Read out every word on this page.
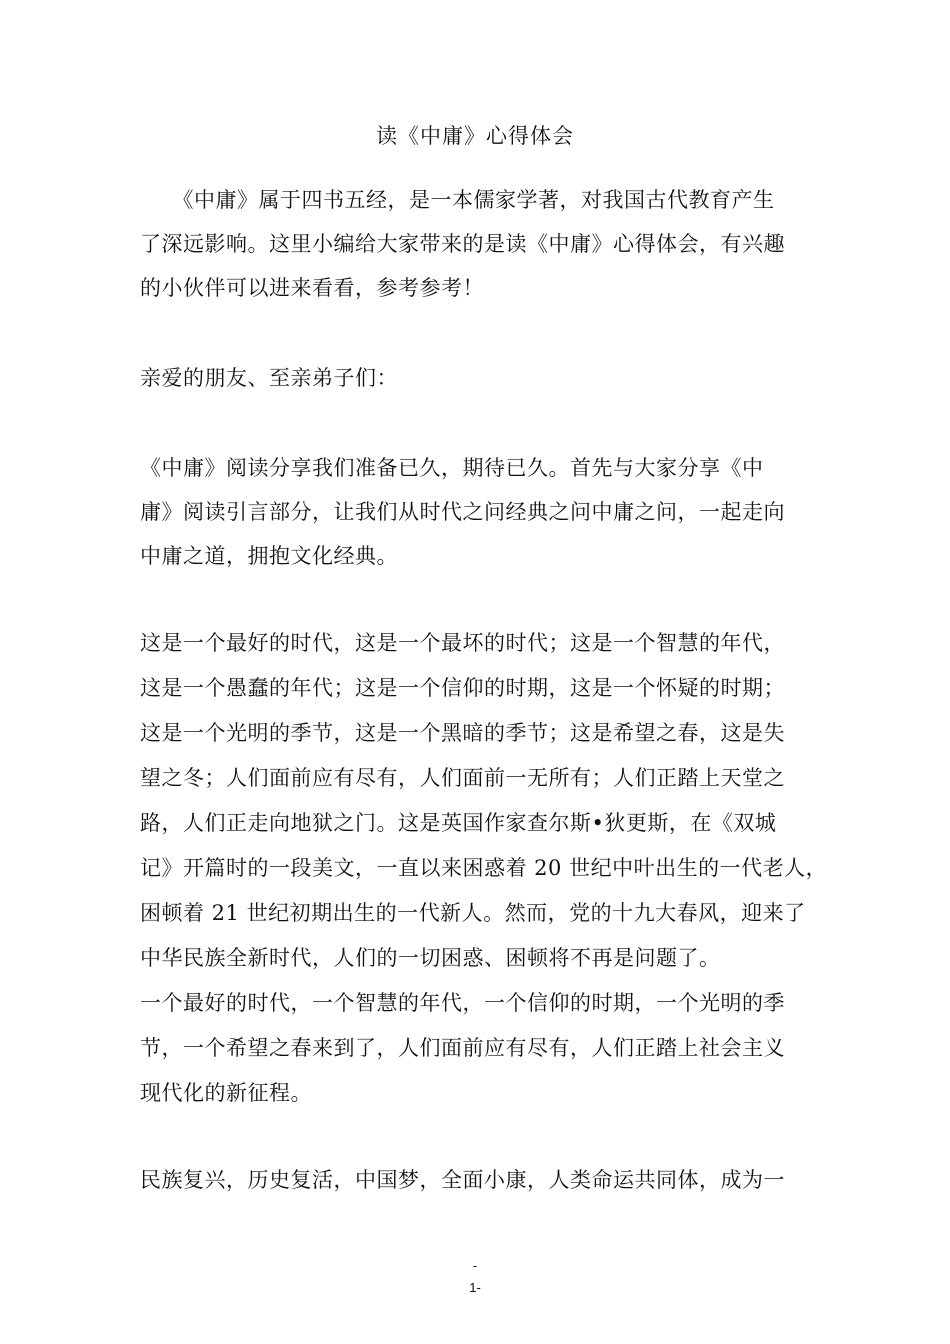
读《中庸》心得体会
　　《中庸》属于四书五经，是一本儒家学著，对我国古代教育产生
了深远影响。这里小编给大家带来的是读《中庸》心得体会，有兴趣
的小伙伴可以进来看看，参考参考！
亲爱的朋友、至亲弟子们：
《中庸》阅读分享我们准备已久，期待已久。首先与大家分享《中
庸》阅读引言部分，让我们从时代之问经典之问中庸之问，一起走向
中庸之道，拥抱文化经典。
这是一个最好的时代，这是一个最坏的时代；这是一个智慧的年代，
这是一个愚蠢的年代；这是一个信仰的时期，这是一个怀疑的时期；
这是一个光明的季节，这是一个黑暗的季节；这是希望之春，这是失
望之冬；人们面前应有尽有，人们面前一无所有；人们正踏上天堂之
路，人们正走向地狱之门。这是英国作家查尔斯•狄更斯，在《双城
记》开篇时的一段美文，一直以来困惑着 20 世纪中叶出生的一代老人，
困顿着 21 世纪初期出生的一代新人。然而，党的十九大春风，迎来了
中华民族全新时代，人们的一切困惑、困顿将不再是问题了。
一个最好的时代，一个智慧的年代，一个信仰的时期，一个光明的季
节，一个希望之春来到了，人们面前应有尽有，人们正踏上社会主义
现代化的新征程。
民族复兴，历史复活，中国梦，全面小康，人类命运共同体，成为一
-
1-
